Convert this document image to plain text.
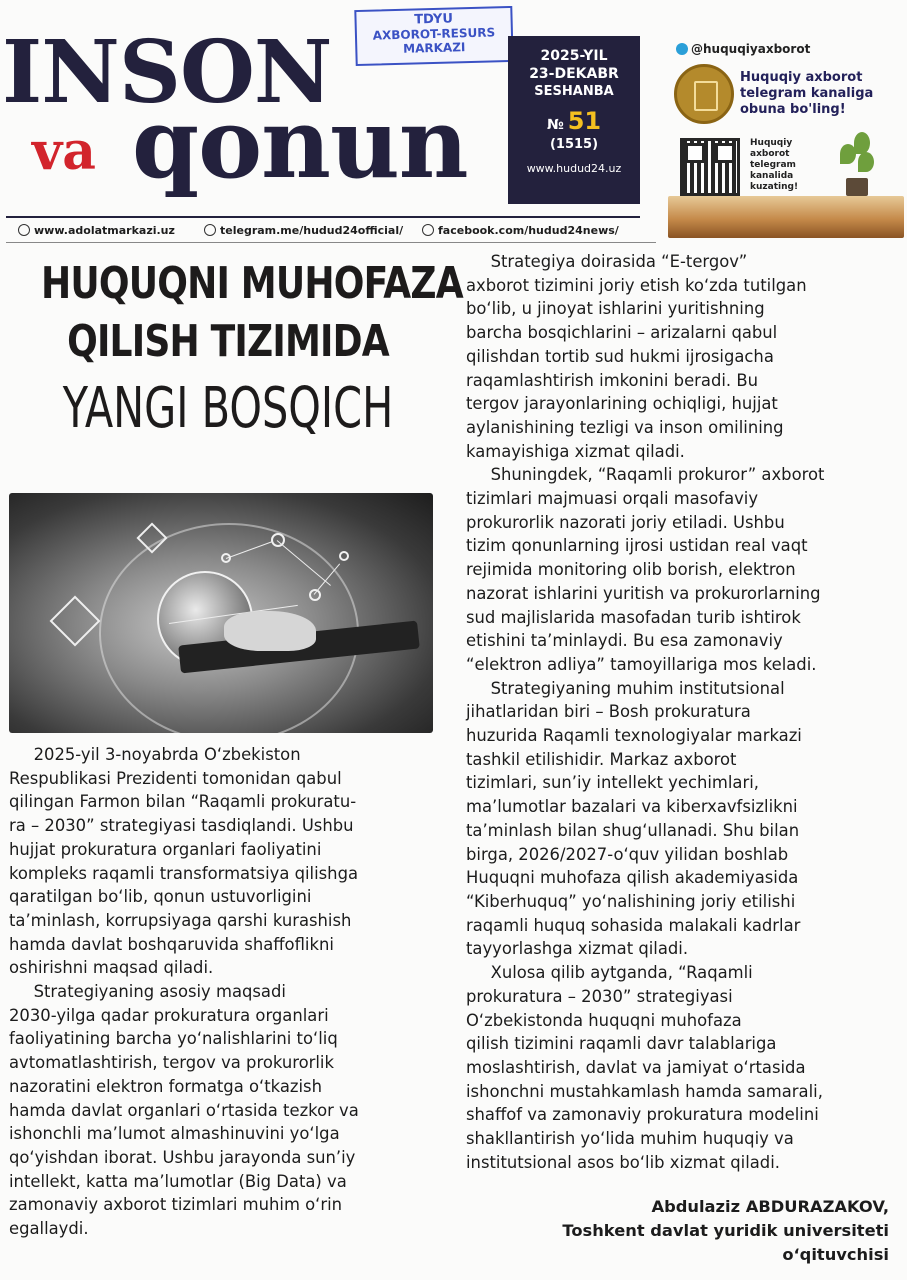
INSON
va qonun
TDYU
AXBOROT-RESURS
MARKAZI
2025-YIL
23-DEKABR
SESHANBA
№ 51
(1515)
www.hudud24.uz
@huquqiyaxborot
Huquqiy axborot telegram kanaliga obuna bo'ling!
Huquqiy axborot telegram kanalida kuzating!
www.adolatmarkazi.uz	telegram.me/hudud24official/	facebook.com/hudud24news/
HUQUQNI MUHOFAZA
QILISH TIZIMIDA
YANGI BOSQICH

  2025-yil 3-noyabrda O‘zbekiston
Respublikasi Prezidenti tomonidan qabul
qilingan Farmon bilan “Raqamli prokuratu-
ra – 2030” strategiyasi tasdiqlandi. Ushbu
hujjat prokuratura organlari faoliyatini
kompleks raqamli transformatsiya qilishga
qaratilgan bo‘lib, qonun ustuvorligini
ta’minlash, korrupsiyaga qarshi kurashish
hamda davlat boshqaruvida shaffoflikni
oshirishni maqsad qiladi.

  Strategiyaning asosiy maqsadi
2030-yilga qadar prokuratura organlari
faoliyatining barcha yo‘nalishlarini to‘liq
avtomatlashtirish, tergov va prokurorlik
nazoratini elektron formatga o‘tkazish
hamda davlat organlari o‘rtasida tezkor va
ishonchli ma’lumot almashinuvini yo‘lga
qo‘yishdan iborat. Ushbu jarayonda sun’iy
intellekt, katta ma’lumotlar (Big Data) va
zamonaviy axborot tizimlari muhim o‘rin
egallaydi.

  Strategiya doirasida “E-tergov”
axborot tizimini joriy etish ko‘zda tutilgan
bo‘lib, u jinoyat ishlarini yuritishning
barcha bosqichlarini – arizalarni qabul
qilishdan tortib sud hukmi ijrosigacha
raqamlashtirish imkonini beradi. Bu
tergov jarayonlarining ochiqligi, hujjat
aylanishining tezligi va inson omilining
kamayishiga xizmat qiladi.

  Shuningdek, “Raqamli prokuror” axborot
tizimlari majmuasi orqali masofaviy
prokurorlik nazorati joriy etiladi. Ushbu
tizim qonunlarning ijrosi ustidan real vaqt
rejimida monitoring olib borish, elektron
nazorat ishlarini yuritish va prokurorlarning
sud majlislarida masofadan turib ishtirok
etishini ta’minlaydi. Bu esa zamonaviy
“elektron adliya” tamoyillariga mos keladi.

  Strategiyaning muhim institutsional
jihatlaridan biri – Bosh prokuratura
huzurida Raqamli texnologiyalar markazi
tashkil etilishidir. Markaz axborot
tizimlari, sun’iy intellekt yechimlari,
ma’lumotlar bazalari va kiberxavfsizlikni
ta’minlash bilan shug‘ullanadi. Shu bilan
birga, 2026/2027-o‘quv yilidan boshlab
Huquqni muhofaza qilish akademiyasida
“Kiberhuquq” yo‘nalishining joriy etilishi
raqamli huquq sohasida malakali kadrlar
tayyorlashga xizmat qiladi.

  Xulosa qilib aytganda, “Raqamli
prokuratura – 2030” strategiyasi
O‘zbekistonda huquqni muhofaza
qilish tizimini raqamli davr talablariga
moslashtirish, davlat va jamiyat o‘rtasida
ishonchni mustahkamlash hamda samarali,
shaffof va zamonaviy prokuratura modelini
shakllantirish yo‘lida muhim huquqiy va
institutsional asos bo‘lib xizmat qiladi.

Abdulaziz ABDURAZAKOV,
Toshkent davlat yuridik universiteti
o‘qituvchisi
